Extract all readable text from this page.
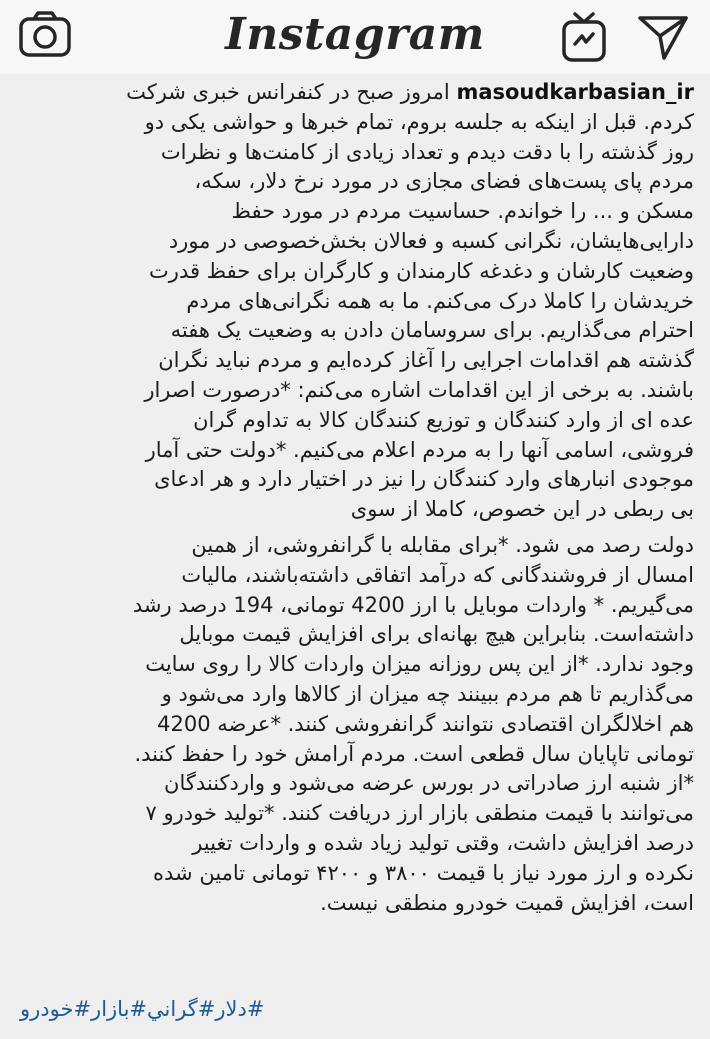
Instagram
masoudkarbasian_ir امروز صبح در کنفرانس خبری شرکت
کردم. قبل از اینکه به جلسه بروم، تمام خبرها و حواشی یکی دو
روز گذشته را با دقت دیدم و تعداد زیادی از کامنت‌ها و نظرات
مردم پای پست‌های فضای مجازی در مورد نرخ دلار، سکه،
مسکن و ... را خواندم. حساسیت مردم در مورد حفظ
دارایی‌هایشان، نگرانی کسبه و فعالان بخش‌خصوصی در مورد
وضعیت کارشان و دغدغه کارمندان و کارگران برای حفظ قدرت
خریدشان را کاملا درک می‌کنم. ما به همه نگرانی‌های مردم
احترام می‌گذاریم. برای سروسامان دادن به وضعیت یک هفته
گذشته هم اقدامات اجرایی را آغاز کرده‌ایم و مردم نباید نگران
باشند. به برخی از این اقدامات اشاره می‌کنم: *درصورت اصرار
عده ای از وارد کنندگان و توزیع کنندگان کالا به تداوم گران
فروشی، اسامی آنها را به مردم اعلام می‌کنیم. *دولت حتی آمار
موجودی انبارهای وارد کنندگان را نیز در اختیار دارد و هر ادعای
بی ربطی در این خصوص، کاملا از سوی
دولت رصد می شود. *برای مقابله با گرانفروشی، از همین
امسال از فروشندگانی که درآمد اتفاقی داشته‌باشند، مالیات
می‌گیریم. * واردات موبایل با ارز 4200 تومانی، 194 درصد رشد
داشته‌است. بنابراین هیچ بهانه‌ای برای افزایش قیمت موبایل
وجود ندارد. *از این پس روزانه میزان واردات کالا را روی سایت
می‌گذاریم تا هم مردم ببینند چه میزان از کالاها وارد می‌شود و
هم اخلالگران اقتصادی نتوانند گرانفروشی کنند. *عرضه 4200
تومانی تاپایان سال قطعی است. مردم آرامش خود را حفظ کنند.
*از شنبه ارز صادراتی در بورس عرضه می‌شود و واردکنندگان
می‌توانند با قیمت منطقی بازار ارز دریافت کنند. *تولید خودرو ۷
درصد افزایش داشت، وقتی تولید زیاد شده و واردات تغییر
نکرده و ارز مورد نیاز با قیمت ۳۸۰۰ و ۴۲۰۰ تومانی تامین شده
است، افزایش قمیت خودرو منطقی نیست.
#دلار#گراني#بازار#خودرو
